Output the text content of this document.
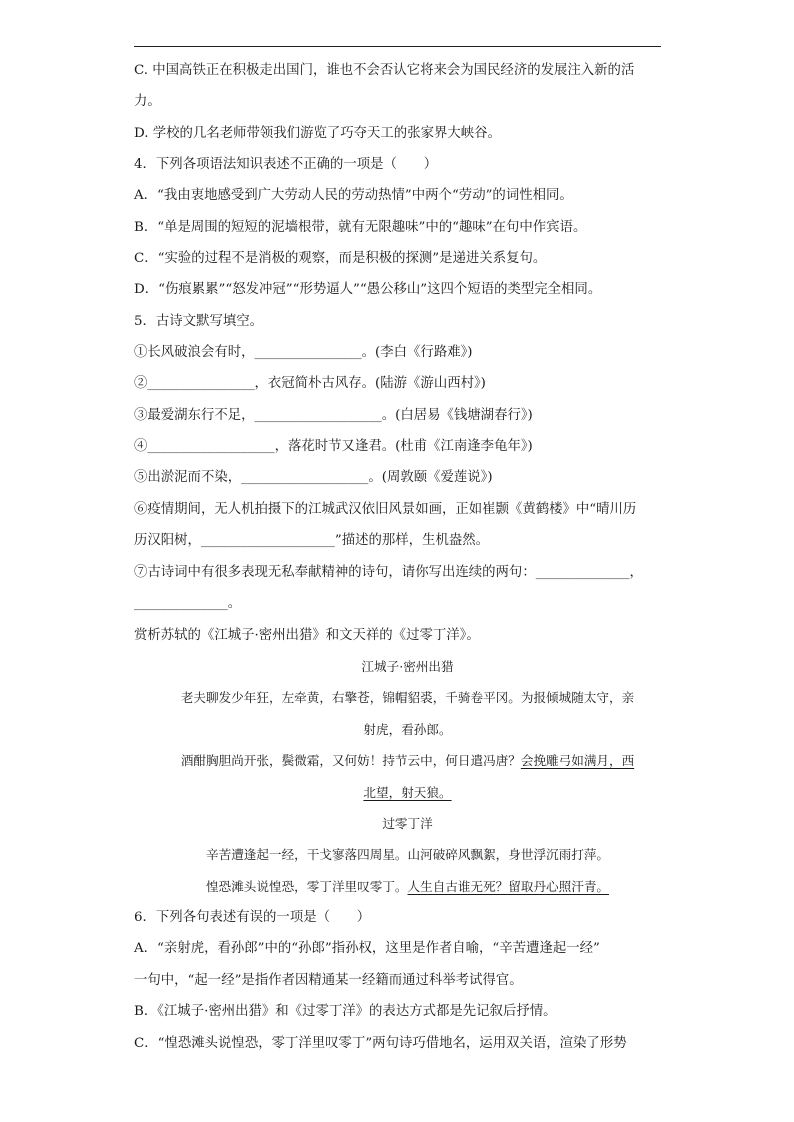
C. 中国高铁正在积极走出国门，谁也不会否认它将来会为国民经济的发展注入新的活
力。
D. 学校的几名老师带领我们游览了巧夺天工的张家界大峡谷。
4．下列各项语法知识表述不正确的一项是（　　）
A．“我由衷地感受到广大劳动人民的劳动热情”中两个“劳动”的词性相同。
B．“单是周围的短短的泥墙根带，就有无限趣味”中的“趣味”在句中作宾语。
C．“实验的过程不是消极的观察，而是积极的探测”是递进关系复句。
D．“伤痕累累”“怒发冲冠”“形势逼人”“愚公移山”这四个短语的类型完全相同。
5．古诗文默写填空。
①长风破浪会有时，________________。(李白《行路难》)
②________________，衣冠简朴古风存。(陆游《游山西村》)
③最爱湖东行不足，___________________。(白居易《钱塘湖春行》)
④___________________，落花时节又逢君。(杜甫《江南逢李龟年》)
⑤出淤泥而不染，___________________。(周敦颐《爱莲说》)
⑥疫情期间，无人机拍摄下的江城武汉依旧风景如画，正如崔颢《黄鹤楼》中“晴川历
历汉阳树，____________________”描述的那样，生机盎然。
⑦古诗词中有很多表现无私奉献精神的诗句，请你写出连续的两句：______________，
______________。
赏析苏轼的《江城子·密州出猎》和文天祥的《过零丁洋》。
江城子·密州出猎
老夫聊发少年狂，左牵黄，右擎苍，锦帽貂裘，千骑卷平冈。为报倾城随太守，亲
射虎，看孙郎。
酒酣胸胆尚开张，鬓微霜，又何妨！持节云中，何日遣冯唐？会挽雕弓如满月，西
北望，射天狼。
过零丁洋
辛苦遭逢起一经，干戈寥落四周星。山河破碎风飘絮，身世浮沉雨打萍。
惶恐滩头说惶恐，零丁洋里叹零丁。人生自古谁无死？留取丹心照汗青。
6．下列各句表述有误的一项是（　　）
A．“亲射虎，看孙郎”中的“孙郎”指孙权，这里是作者自喻，“辛苦遭逢起一经”
一句中，“起一经”是指作者因精通某一经籍而通过科举考试得官。
B．《江城子·密州出猎》和《过零丁洋》的表达方式都是先记叙后抒情。
C．“惶恐滩头说惶恐，零丁洋里叹零丁”两句诗巧借地名，运用双关语，渲染了形势
